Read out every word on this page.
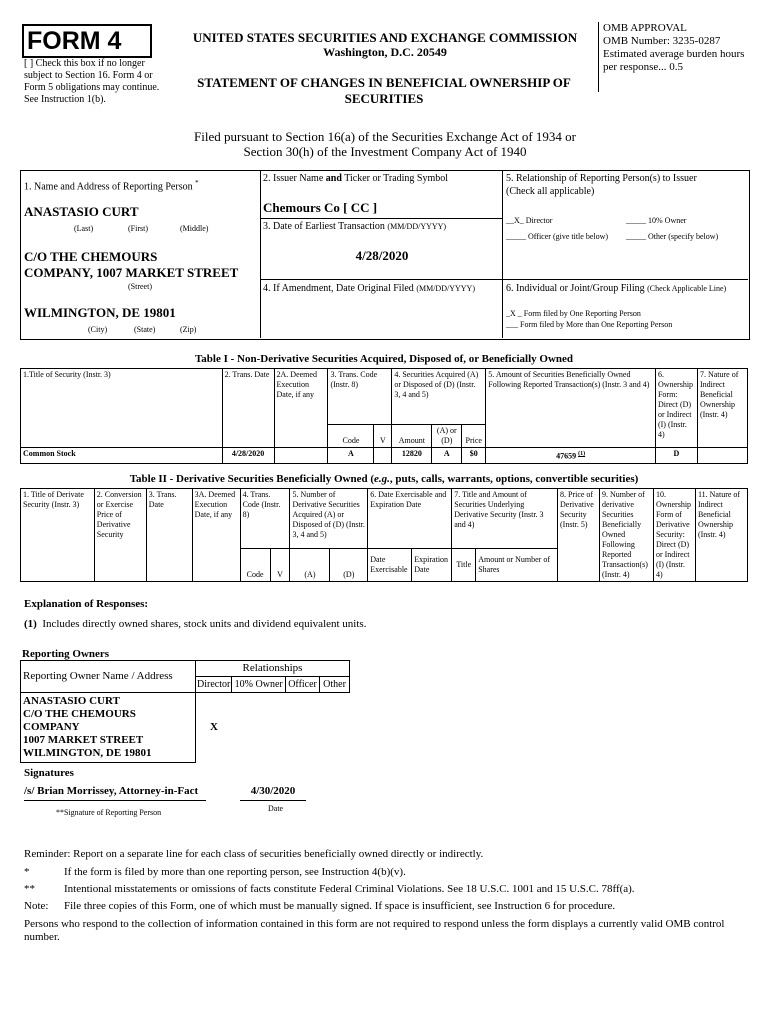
FORM 4
[ ] Check this box if no longer subject to Section 16. Form 4 or Form 5 obligations may continue. See Instruction 1(b).
UNITED STATES SECURITIES AND EXCHANGE COMMISSION
Washington, D.C. 20549
STATEMENT OF CHANGES IN BENEFICIAL OWNERSHIP OF SECURITIES
OMB APPROVAL
OMB Number: 3235-0287
Estimated average burden hours per response... 0.5
Filed pursuant to Section 16(a) of the Securities Exchange Act of 1934 or
Section 30(h) of the Investment Company Act of 1940
1. Name and Address of Reporting Person *
ANASTASIO CURT
(Last)	(First)	(Middle)
C/O THE CHEMOURS
COMPANY, 1007 MARKET STREET
(Street)
WILMINGTON, DE 19801
(City)	(State)	(Zip)
2. Issuer Name and Ticker or Trading Symbol
Chemours Co [ CC ]
3. Date of Earliest Transaction (MM/DD/YYYY)
4/28/2020
4. If Amendment, Date Original Filed (MM/DD/YYYY)
5. Relationship of Reporting Person(s) to Issuer
(Check all applicable)
__X_ Director	_____ 10% Owner
_____ Officer (give title below) _____ Other (specify below)
6. Individual or Joint/Group Filing (Check Applicable Line)
_X _ Form filed by One Reporting Person
___ Form filed by More than One Reporting Person
Table I - Non-Derivative Securities Acquired, Disposed of, or Beneficially Owned
1.Title of Security (Instr. 3)	2. Trans. Date	2A. Deemed Execution Date, if any	3. Trans. Code (Instr. 8)		4. Securities Acquired (A) or Disposed of (D) (Instr. 3, 4 and 5)			5. Amount of Securities Beneficially Owned Following Reported Transaction(s) (Instr. 3 and 4)	6. Ownership Form: Direct (D) or Indirect (I) (Instr. 4)	7. Nature of Indirect Beneficial Ownership (Instr. 4)
			Code	V	Amount	(A) or (D)	Price			
Common Stock	4/28/2020		A		12820	A	$0	47659 $^{(1)}$	D	
Table II - Derivative Securities Beneficially Owned (e.g., puts, calls, warrants, options, convertible securities)
1. Title of Derivate Security (Instr. 3)	2. Conversion or Exercise Price of Derivative Security	3. Trans. Date	3A. Deemed Execution Date, if any	4. Trans. Code (Instr. 8)		5. Number of Derivative Securities Acquired (A) or Disposed of (D) (Instr. 3, 4 and 5)		6. Date Exercisable and Expiration Date		7. Title and Amount of Securities Underlying Derivative Security (Instr. 3 and 4)		8. Price of Derivative Security (Instr. 5)	9. Number of derivative Securities Beneficially Owned Following Reported Transaction(s) (Instr. 4)	10. Ownership Form of Derivative Security: Direct (D) or Indirect (I) (Instr. 4)	11. Nature of Indirect Beneficial Ownership (Instr. 4)
				Code	V	(A)	(D)	Date Exercisable	Expiration Date	Title	Amount or Number of Shares				
Explanation of Responses:
(1) Includes directly owned shares, stock units and dividend equivalent units.
Reporting Owners
Reporting Owner Name / Address	Relationships			
	Director	10% Owner	Officer	Other

ANASTASIO CURT
C/O THE CHEMOURS COMPANY
1007 MARKET STREET
WILMINGTON, DE 19801	X			
Signatures
/s/ Brian Morrissey, Attorney-in-Fact	4/30/2020
**Signature of Reporting Person	Date
Reminder: Report on a separate line for each class of securities beneficially owned directly or indirectly.
*	If the form is filed by more than one reporting person, see Instruction 4(b)(v).
**	Intentional misstatements or omissions of facts constitute Federal Criminal Violations. See 18 U.S.C. 1001 and 15 U.S.C. 78ff(a).
Note: File three copies of this Form, one of which must be manually signed. If space is insufficient, see Instruction 6 for procedure.
Persons who respond to the collection of information contained in this form are not required to respond unless the form displays a currently valid OMB control number.
